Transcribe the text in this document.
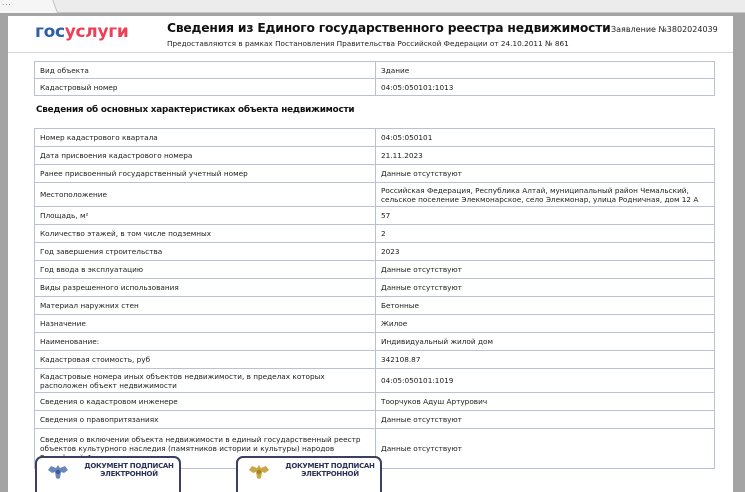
...
госуслуги	Сведения из Единого государственного реестра недвижимости
Предоставляются в рамках Постановления Правительства Российской Федерации от 24.10.2011 № 861
Заявление №3802024039
Вид объекта	Здание
Кадастровый номер	04:05:050101:1013
Сведения об основных характеристиках объекта недвижимости
Номер кадастрового квартала	04:05:050101
Дата присвоения кадастрового номера	21.11.2023
Ранее присвоенный государственный учетный номер	Данные отсутствуют
Местоположение	Российская Федерация, Республика Алтай, муниципальный район Чемальский, сельское поселение Элекмонарское, село Элекмонар, улица Родничная, дом 12 А
Площадь, м²	57
Количество этажей, в том числе подземных	2
Год завершения строительства	2023
Год ввода в эксплуатацию	Данные отсутствуют
Виды разрешенного использования	Данные отсутствуют
Материал наружних стен	Бетонные
Назначение	Жилое
Наименование:	Индивидуальный жилой дом
Кадастровая стоимость, руб	342108.87
Кадастровые номера иных объектов недвижимости, в пределах которых расположен объект недвижимости	04:05:050101:1019
Сведения о кадастровом инженере	Тоорчуков Адуш Артурович
Сведения о правопритязаниях	Данные отсутствуют
Сведения о включении объекта недвижимости в единый государственный реестр объектов культурного наследия (памятников истории и культуры) народов	Данные отсутствуют
ДОКУМЕНТ ПОДПИСАН
ЭЛЕКТРОННОЙ
ДОКУМЕНТ ПОДПИСАН
ЭЛЕКТРОННОЙ
